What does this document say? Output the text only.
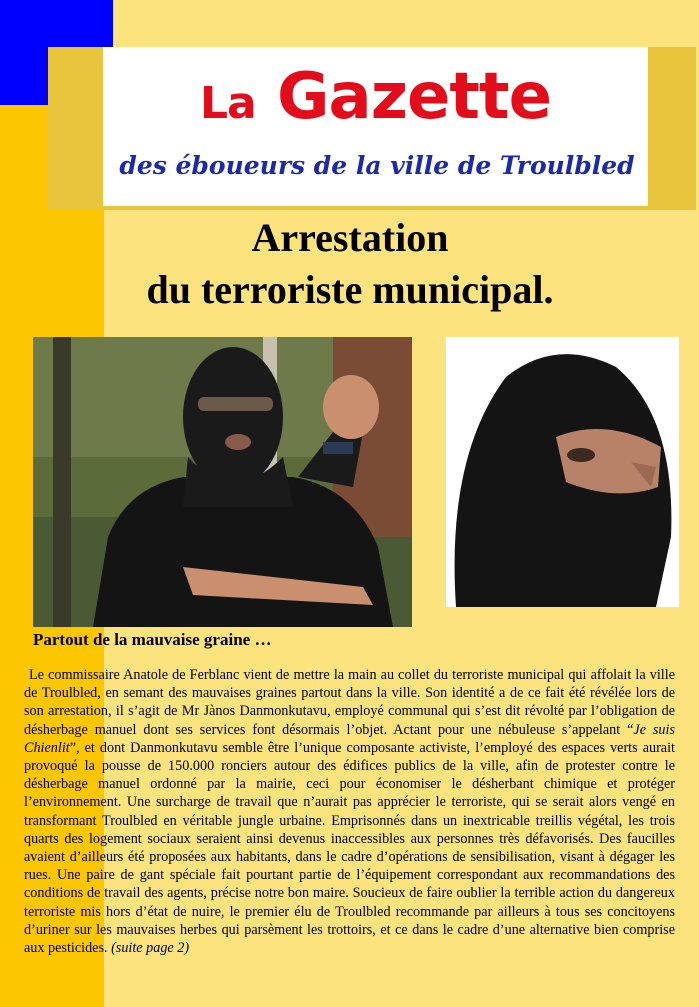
La Gazette
des éboueurs de la ville de Troulbled
Arrestation
du terroriste municipal.
Partout de la mauvaise graine …

Le commissaire Anatole de Ferblanc vient de mettre la main au collet du terroriste municipal qui affolait la ville de Troulbled, en semant des mauvaises graines partout dans la ville. Son identité a de ce fait été révélée lors de son arrestation, il s’agit de Mr Jànos Danmonkutavu, employé communal qui s’est dit révolté par l’obligation de désherbage manuel dont ses services font désormais l’objet. Actant pour une nébuleuse s’appelant “Je suis Chienlit”, et dont Danmonkutavu semble être l’unique composante activiste, l’employé des espaces verts aurait provoqué la pousse de 150.000 ronciers autour des édifices publics de la ville, afin de protester contre le désherbage manuel ordonné par la mairie, ceci pour économiser le désherbant chimique et protéger l’environnement. Une surcharge de travail que n’aurait pas apprécier le terroriste, qui se serait alors vengé en transformant Troulbled en véritable jungle urbaine. Emprisonnés dans un inextricable treillis végétal, les trois quarts des logement sociaux seraient ainsi devenus inaccessibles aux personnes très défavorisés. Des faucilles avaient d’ailleurs été proposées aux habitants, dans le cadre d’opérations de sensibilisation, visant à dégager les rues. Une paire de gant spéciale fait pourtant partie de l’équipement correspondant aux recommandations des conditions de travail des agents, précise notre bon maire. Soucieux de faire oublier la terrible action du dangereux terroriste mis hors d’état de nuire, le premier élu de Troulbled recommande par ailleurs à tous ses concitoyens d’uriner sur les mauvaises herbes qui parsèment les trottoirs, et ce dans le cadre d’une alternative bien comprise aux pesticides. (suite page 2)
